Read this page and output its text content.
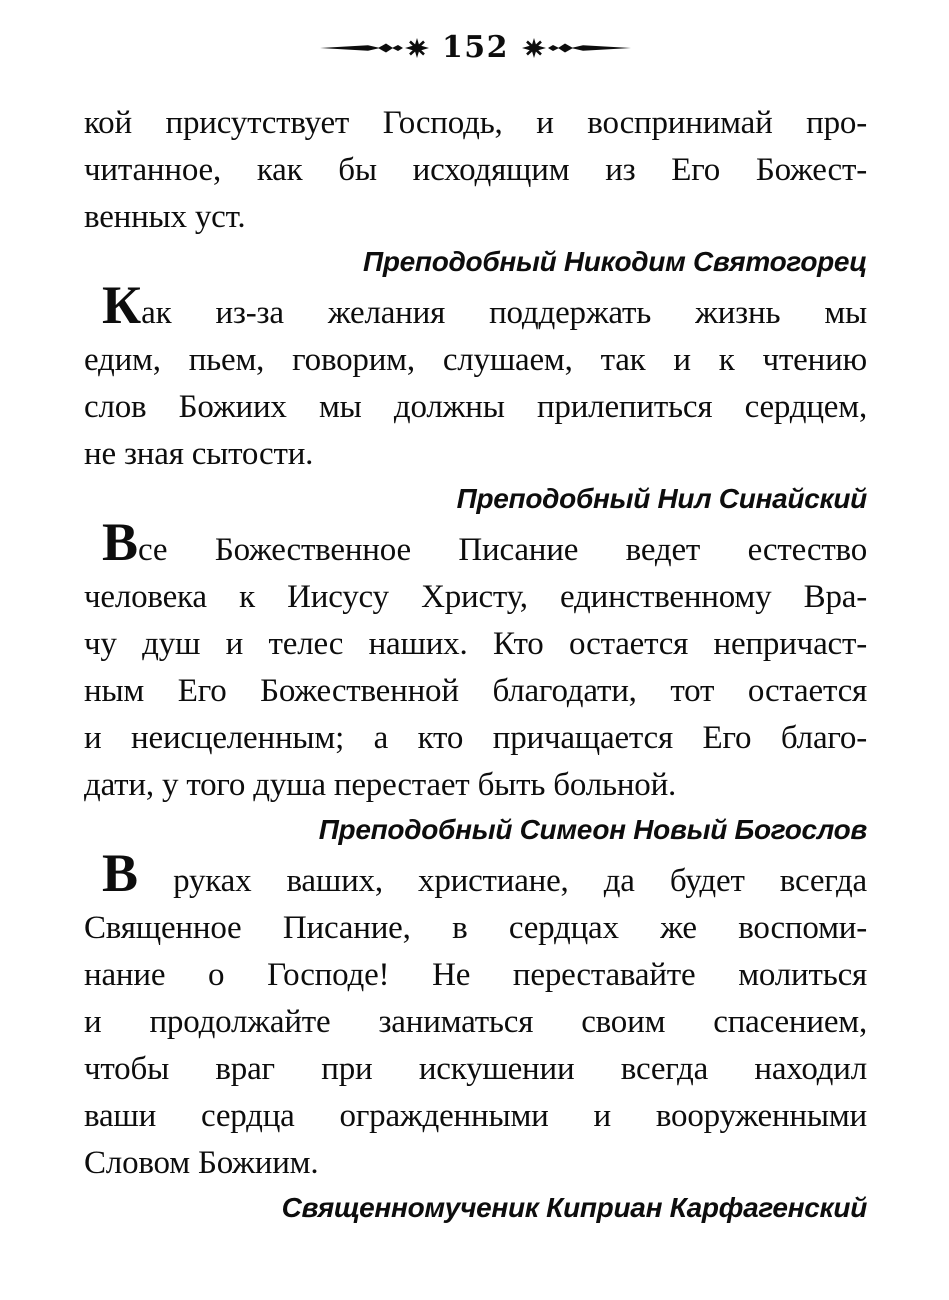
152
кой присутствует Господь, и воспринимай про-
читанное, как бы исходящим из Его Божест-
венных уст.
Преподобный Никодим Святогорец
Как из-за желания поддержать жизнь мы
едим, пьем, говорим, слушаем, так и к чтению
слов Божиих мы должны прилепиться сердцем,
не зная сытости.
Преподобный Нил Синайский
Все Божественное Писание ведет естество
человека к Иисусу Христу, единственному Вра-
чу душ и телес наших. Кто остается непричаст-
ным Его Божественной благодати, тот остается
и неисцеленным; а кто причащается Его благо-
дати, у того душа перестает быть больной.
Преподобный Симеон Новый Богослов
В руках ваших, христиане, да будет всегда
Священное Писание, в сердцах же воспоми-
нание о Господе! Не переставайте молиться
и продолжайте заниматься своим спасением,
чтобы враг при искушении всегда находил
ваши сердца огражденными и вооруженными
Словом Божиим.
Священномученик Киприан Карфагенский
